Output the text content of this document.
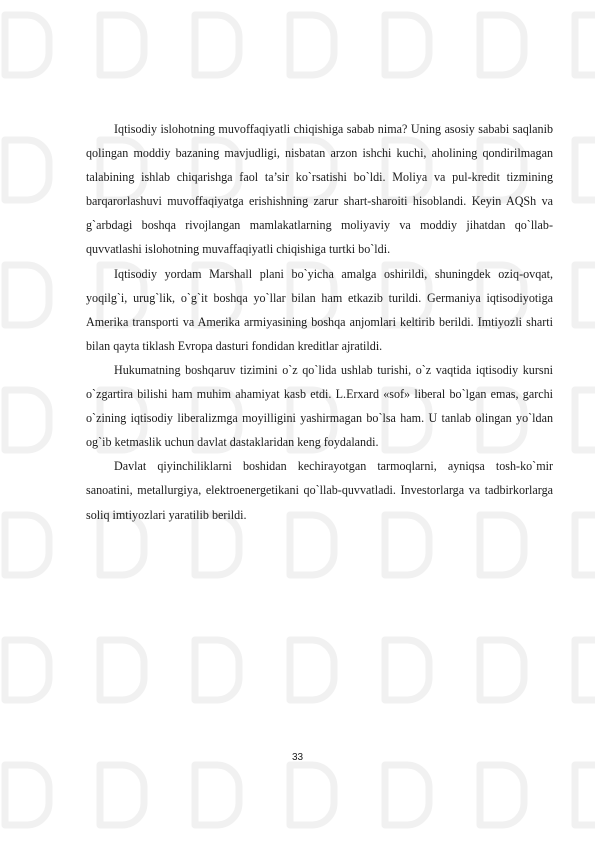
Iqtisodiy islohotning muvoffaqiyatli chiqishiga sabab nima? Uning asosiy sababi saqlanib qolingan moddiy bazaning mavjudligi, nisbatan arzon ishchi kuchi, aholining qondirilmagan talabining ishlab chiqarishga faol ta’sir ko`rsatishi bo`ldi. Moliya va pul-kredit tizmining barqarorlashuvi muvoffaqiyatga erishishning zarur shart-sharoiti hisoblandi. Keyin AQSh va g`arbdagi boshqa rivojlangan mamlakatlarning moliyaviy va moddiy jihatdan qo`llab-quvvatlashi islohotning muvaffaqiyatli chiqishiga turtki bo`ldi.

Iqtisodiy yordam Marshall plani bo`yicha amalga oshirildi, shuningdek oziq-ovqat, yoqilg`i, urug`lik, o`g`it boshqa yo`llar bilan ham etkazib turildi. Germaniya iqtisodiyotiga Amerika transporti va Amerika armiyasining boshqa anjomlari keltirib berildi. Imtiyozli sharti bilan qayta tiklash Evropa dasturi fondidan kreditlar ajratildi.

Hukumatning boshqaruv tizimini o`z qo`lida ushlab turishi, o`z vaqtida iqtisodiy kursni o`zgartira bilishi ham muhim ahamiyat kasb etdi. L.Erxard «sof» liberal bo`lgan emas, garchi o`zining iqtisodiy liberalizmga moyilligini yashirmagan bo`lsa ham. U tanlab olingan yo`ldan og`ib ketmaslik uchun davlat dastaklaridan keng foydalandi.

Davlat qiyinchiliklarni boshidan kechirayotgan tarmoqlarni, ayniqsa tosh-ko`mir sanoatini, metallurgiya, elektroenergetikani qo`llab-quvvatladi. Investorlarga va tadbirkorlarga soliq imtiyozlari yaratilib berildi.

33
